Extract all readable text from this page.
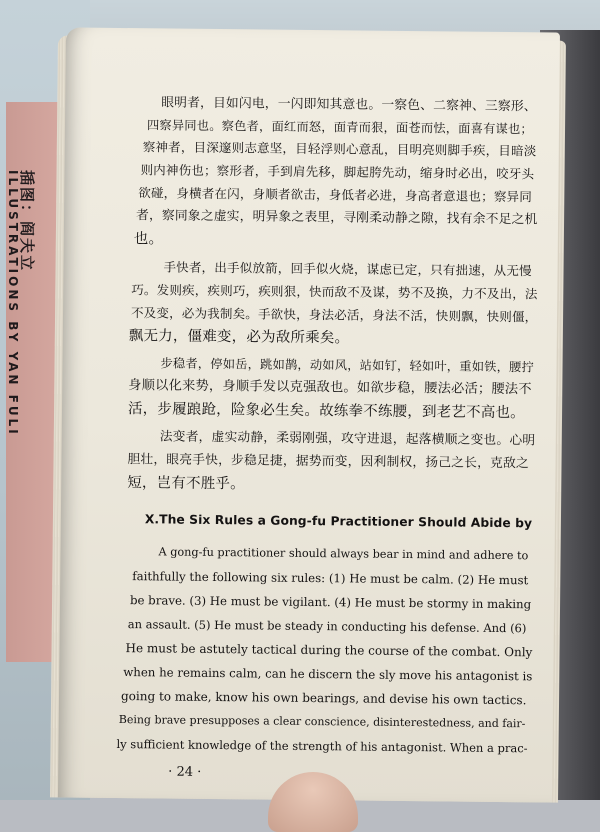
插图：阎夫立
ILLUSTRATIONS BY YAN FULI
眼明者，目如闪电，一闪即知其意也。一察色、二察神、三察形、
四察异同也。察色者，面红而怒，面青而狠，面苍而怯，面喜有谋也；
察神者，目深邃则志意坚，目轻浮则心意乱，目明亮则脚手疾，目暗淡
则内神伤也；察形者，手到肩先移，脚起胯先动，缩身时必出，咬牙头
欲碰，身横者在闪，身顺者欲击，身低者必进，身高者意退也；察异同
者，察同象之虚实，明异象之表里，寻刚柔动静之隙，找有余不足之机
也。
手快者，出手似放箭，回手似火烧，谋虑已定，只有拙速，从无慢
巧。发则疾，疾则巧，疾则狠，快而敌不及谋，势不及换，力不及出，法
不及变，必为我制矣。手欲快，身法必活，身法不活，快则飘，快则僵，
飘无力，僵难变，必为敌所乘矣。
步稳者，停如岳，跳如鹊，动如风，站如钉，轻如叶，重如铁，腰拧
身顺以化来势，身顺手发以克强敌也。如欲步稳，腰法必活；腰法不
活，步履踉跄，险象必生矣。故练拳不练腰，到老艺不高也。
法变者，虚实动静，柔弱刚强，攻守进退，起落横顺之变也。心明
胆壮，眼亮手快，步稳足捷，据势而变，因利制权，扬己之长，克敌之
短，岂有不胜乎。
Ⅹ.The Six Rules a Gong-fu Practitioner Should Abide by
A gong-fu practitioner should always bear in mind and adhere to
faithfully the following six rules: (1) He must be calm. (2) He must
be brave. (3) He must be vigilant. (4) He must be stormy in making
an assault. (5) He must be steady in conducting his defense. And (6)
He must be astutely tactical during the course of the combat. Only
when he remains calm, can he discern the sly move his antagonist is
going to make, know his own bearings, and devise his own tactics.
Being brave presupposes a clear conscience, disinterestedness, and fair-
ly sufficient knowledge of the strength of his antagonist. When a prac-
· 24 ·
